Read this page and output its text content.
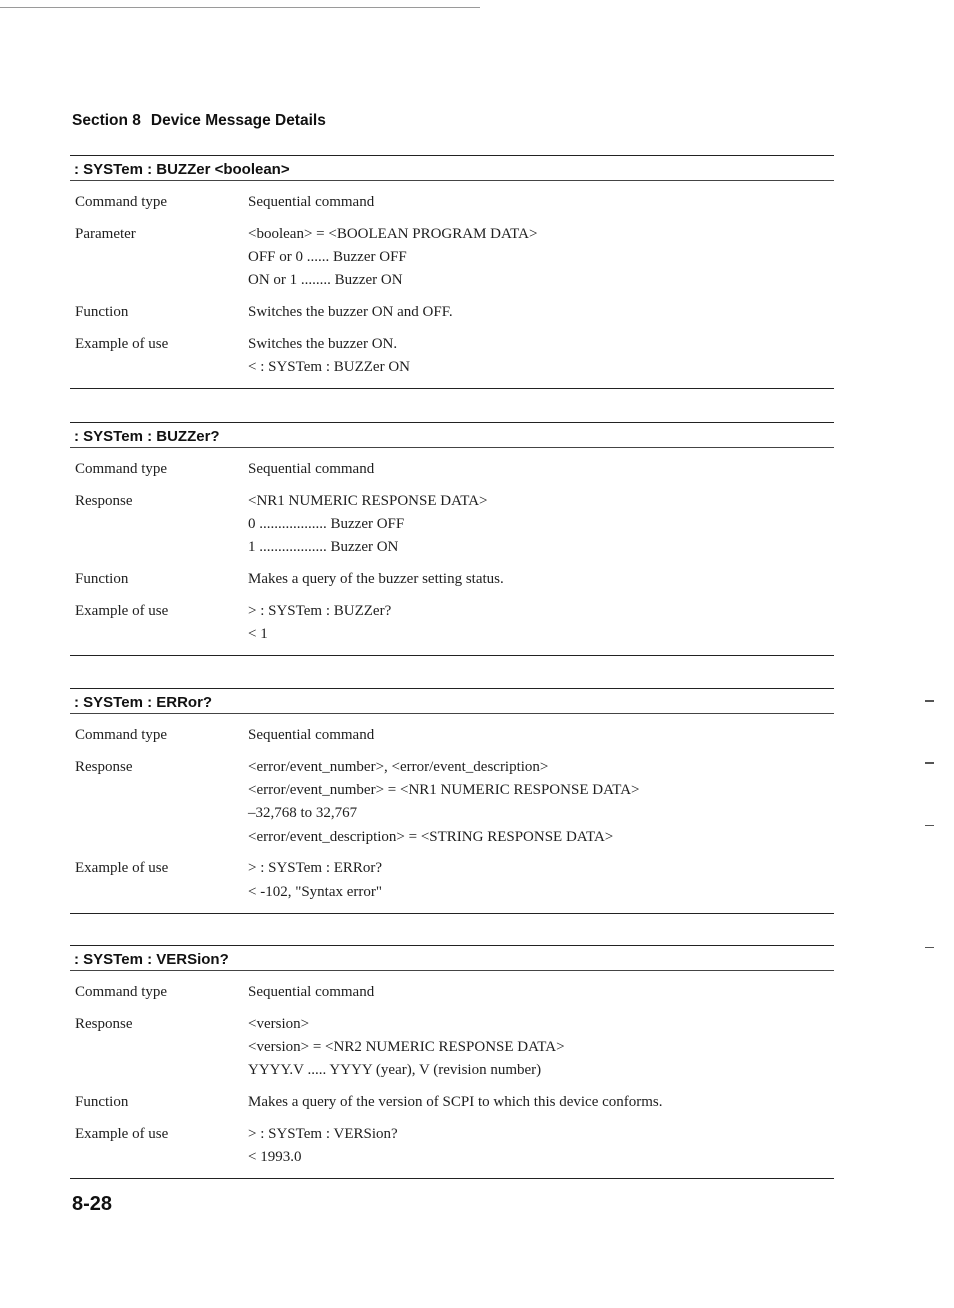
Section 8 Device Message Details
: SYSTem : BUZZer <boolean>
Command type	Sequential command
Parameter	<boolean> = <BOOLEAN PROGRAM DATA>
OFF or 0 ...... Buzzer OFF
ON or 1 ........ Buzzer ON
Function	Switches the buzzer ON and OFF.
Example of use	Switches the buzzer ON.
< : SYSTem : BUZZer ON
: SYSTem : BUZZer?
Command type	Sequential command
Response	<NR1 NUMERIC RESPONSE DATA>
0 .................. Buzzer OFF
1 .................. Buzzer ON
Function	Makes a query of the buzzer setting status.
Example of use	> : SYSTem : BUZZer?
< 1
: SYSTem : ERRor?
Command type	Sequential command
Response	<error/event_number>, <error/event_description>
<error/event_number> = <NR1 NUMERIC RESPONSE DATA>
–32,768 to 32,767
<error/event_description> = <STRING RESPONSE DATA>
Example of use	> : SYSTem : ERRor?
< -102, "Syntax error"
: SYSTem : VERSion?
Command type	Sequential command
Response	<version>
<version> = <NR2 NUMERIC RESPONSE DATA>
YYYY.V ..... YYYY (year), V (revision number)
Function	Makes a query of the version of SCPI to which this device conforms.
Example of use	> : SYSTem : VERSion?
< 1993.0
8-28
